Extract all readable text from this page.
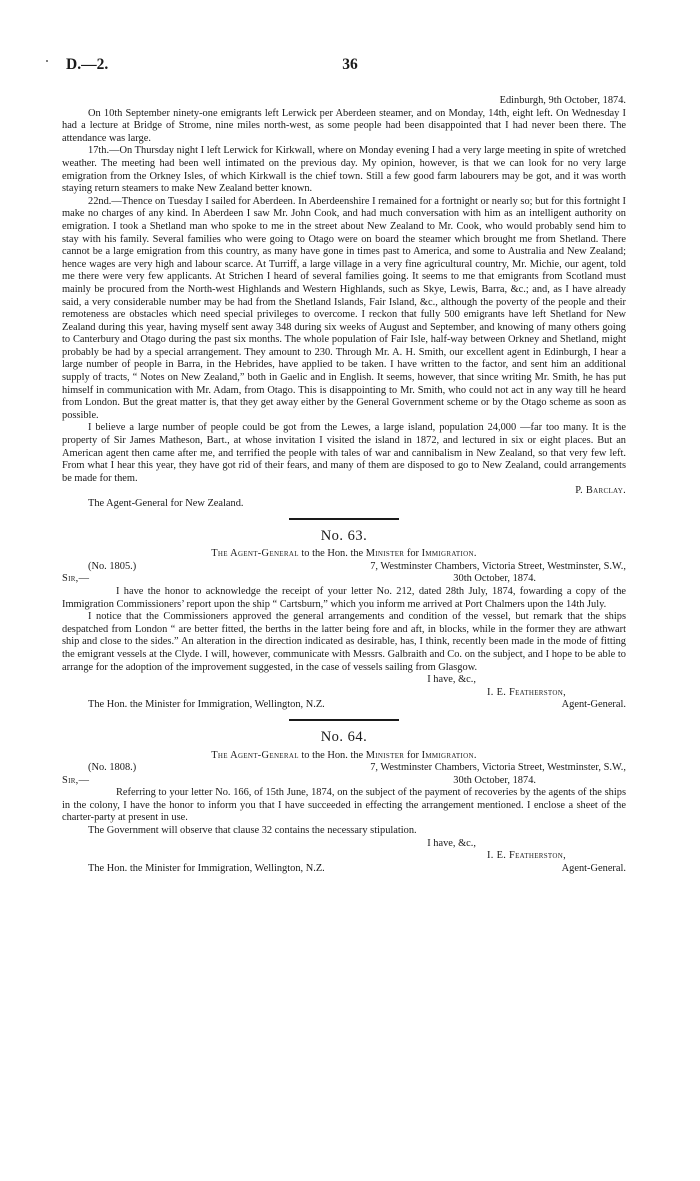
D.—2.	36

Edinburgh, 9th October, 1874.

On 10th September ninety-one emigrants left Lerwick per Aberdeen steamer, and on Monday, 14th, eight left. On Wednesday I had a lecture at Bridge of Strome, nine miles north-west, as some people had been disappointed that I had never been there. The attendance was large.

17th.—On Thursday night I left Lerwick for Kirkwall, where on Monday evening I had a very large meeting in spite of wretched weather. The meeting had been well intimated on the previous day. My opinion, however, is that we can look for no very large emigration from the Orkney Isles, of which Kirkwall is the chief town. Still a few good farm labourers may be got, and it was worth staying return steamers to make New Zealand better known.

22nd.—Thence on Tuesday I sailed for Aberdeen. In Aberdeenshire I remained for a fortnight or nearly so; but for this fortnight I make no charges of any kind. In Aberdeen I saw Mr. John Cook, and had much conversation with him as an intelligent authority on emigration. I took a Shetland man who spoke to me in the street about New Zealand to Mr. Cook, who would probably send him to stay with his family. Several families who were going to Otago were on board the steamer which brought me from Shetland. There cannot be a large emigration from this country, as many have gone in times past to America, and some to Australia and New Zealand; hence wages are very high and labour scarce. At Turriff, a large village in a very fine agricultural country, Mr. Michie, our agent, told me there were very few applicants. At Strichen I heard of several families going. It seems to me that emigrants from Scotland must mainly be procured from the North-west Highlands and Western Highlands, such as Skye, Lewis, Barra, &c.; and, as I have already said, a very considerable number may be had from the Shetland Islands, Fair Island, &c., although the poverty of the people and their remoteness are obstacles which need special privileges to overcome. I reckon that fully 500 emigrants have left Shetland for New Zealand during this year, having myself sent away 348 during six weeks of August and September, and knowing of many others going to Canterbury and Otago during the past six months. The whole population of Fair Isle, half-way between Orkney and Shetland, might probably be had by a special arrangement. They amount to 230. Through Mr. A. H. Smith, our excellent agent in Edinburgh, I hear a large number of people in Barra, in the Hebrides, have applied to be taken. I have written to the factor, and sent him an additional supply of tracts, “ Notes on New Zealand,” both in Gaelic and in English. It seems, however, that since writing Mr. Smith, he has put himself in communication with Mr. Adam, from Otago. This is disappointing to Mr. Smith, who could not act in any way till he heard from London. But the great matter is, that they get away either by the General Government scheme or by the Otago scheme as soon as possible.

I believe a large number of people could be got from the Lewes, a large island, population 24,000 —far too many. It is the property of Sir James Matheson, Bart., at whose invitation I visited the island in 1872, and lectured in six or eight places. But an American agent then came after me, and terrified the people with tales of war and cannibalism in New Zealand, so that very few left. From what I hear this year, they have got rid of their fears, and many of them are disposed to go to New Zealand, could arrangements be made for them.

P. Barclay.

The Agent-General for New Zealand.

No. 63.

The Agent-General to the Hon. the Minister for Immigration.

(No. 1805.)	7, Westminster Chambers, Victoria Street, Westminster, S.W.,

Sir,—	30th October, 1874.

I have the honor to acknowledge the receipt of your letter No. 212, dated 28th July, 1874, fowarding a copy of the Immigration Commissioners’ report upon the ship “ Cartsburn,” which you inform me arrived at Port Chalmers upon the 14th July.

I notice that the Commissioners approved the general arrangements and condition of the vessel, but remark that the ships despatched from London “ are better fitted, the berths in the latter being fore and aft, in blocks, while in the former they are athwart ship and close to the sides.” An alteration in the direction indicated as desirable, has, I think, recently been made in the mode of fitting the emigrant vessels at the Clyde. I will, however, communicate with Messrs. Galbraith and Co. on the subject, and I hope to be able to arrange for the adoption of the improvement suggested, in the case of vessels sailing from Glasgow.

I have, &c.,

I. E. Featherston,

The Hon. the Minister for Immigration, Wellington, N.Z.	Agent-General.

No. 64.

The Agent-General to the Hon. the Minister for Immigration.

(No. 1808.)	7, Westminster Chambers, Victoria Street, Westminster, S.W.,

Sir,—	30th October, 1874.

Referring to your letter No. 166, of 15th June, 1874, on the subject of the payment of recoveries by the agents of the ships in the colony, I have the honor to inform you that I have succeeded in effecting the arrangement mentioned. I enclose a sheet of the charter-party at present in use.

The Government will observe that clause 32 contains the necessary stipulation.

I have, &c.,

I. E. Featherston,

The Hon. the Minister for Immigration, Wellington, N.Z.	Agent-General.
